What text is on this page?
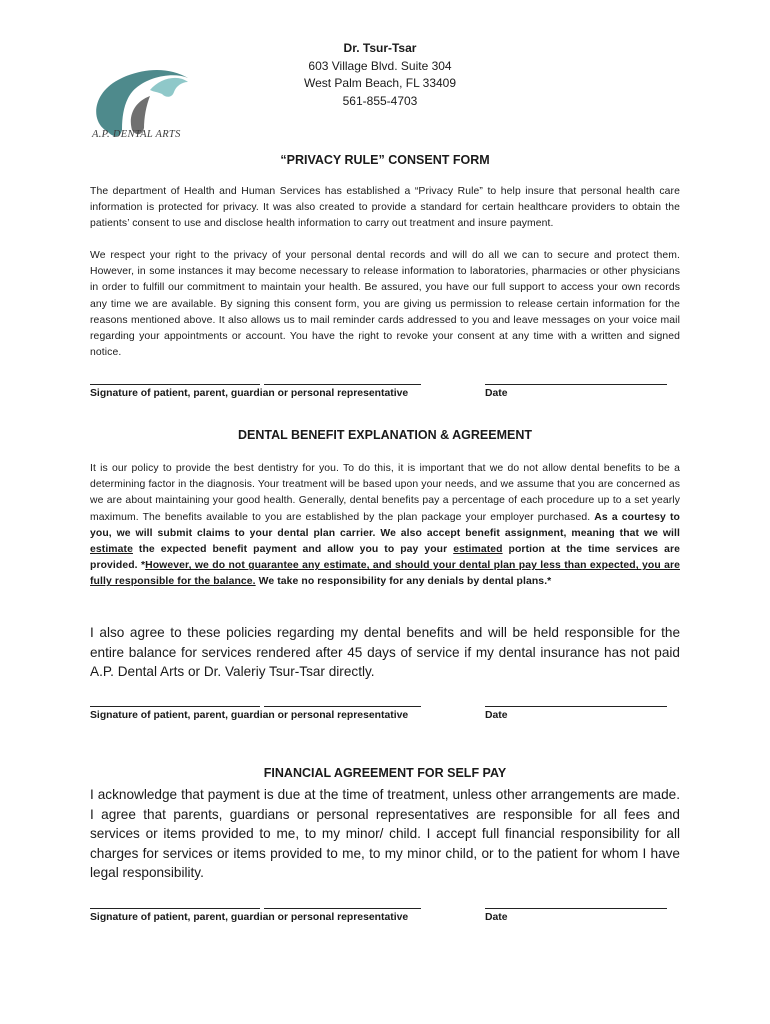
A.P. DENTAL ARTS
Dr. Tsur-Tsar
603 Village Blvd. Suite 304
West Palm Beach, FL 33409
561-855-4703
“PRIVACY RULE” CONSENT FORM
The department of Health and Human Services has established a “Privacy Rule” to help insure that personal health care information is protected for privacy. It was also created to provide a standard for certain healthcare providers to obtain the patients’ consent to use and disclose health information to carry out treatment and insure payment.
We respect your right to the privacy of your personal dental records and will do all we can to secure and protect them. However, in some instances it may become necessary to release information to laboratories, pharmacies or other physicians in order to fulfill our commitment to maintain your health. Be assured, you have our full support to access your own records any time we are available. By signing this consent form, you are giving us permission to release certain information for the reasons mentioned above. It also allows us to mail reminder cards addressed to you and leave messages on your voice mail regarding your appointments or account. You have the right to revoke your consent at any time with a written and signed notice.
Signature of patient, parent, guardian or personal representative	Date
DENTAL BENEFIT EXPLANATION & AGREEMENT
It is our policy to provide the best dentistry for you. To do this, it is important that we do not allow dental benefits to be a determining factor in the diagnosis. Your treatment will be based upon your needs, and we assume that you are concerned as we are about maintaining your good health. Generally, dental benefits pay a percentage of each procedure up to a set yearly maximum. The benefits available to you are established by the plan package your employer purchased. As a courtesy to you, we will submit claims to your dental plan carrier. We also accept benefit assignment, meaning that we will estimate the expected benefit payment and allow you to pay your estimated portion at the time services are provided. *However, we do not guarantee any estimate, and should your dental plan pay less than expected, you are fully responsible for the balance. We take no responsibility for any denials by dental plans.*
I also agree to these policies regarding my dental benefits and will be held responsible for the entire balance for services rendered after 45 days of service if my dental insurance has not paid A.P. Dental Arts or Dr. Valeriy Tsur-Tsar directly.
Signature of patient, parent, guardian or personal representative	Date
FINANCIAL AGREEMENT FOR SELF PAY
I acknowledge that payment is due at the time of treatment, unless other arrangements are made. I agree that parents, guardians or personal representatives are responsible for all fees and services or items provided to me, to my minor/ child. I accept full financial responsibility for all charges for services or items provided to me, to my minor child, or to the patient for whom I have legal responsibility.
Signature of patient, parent, guardian or personal representative	Date
